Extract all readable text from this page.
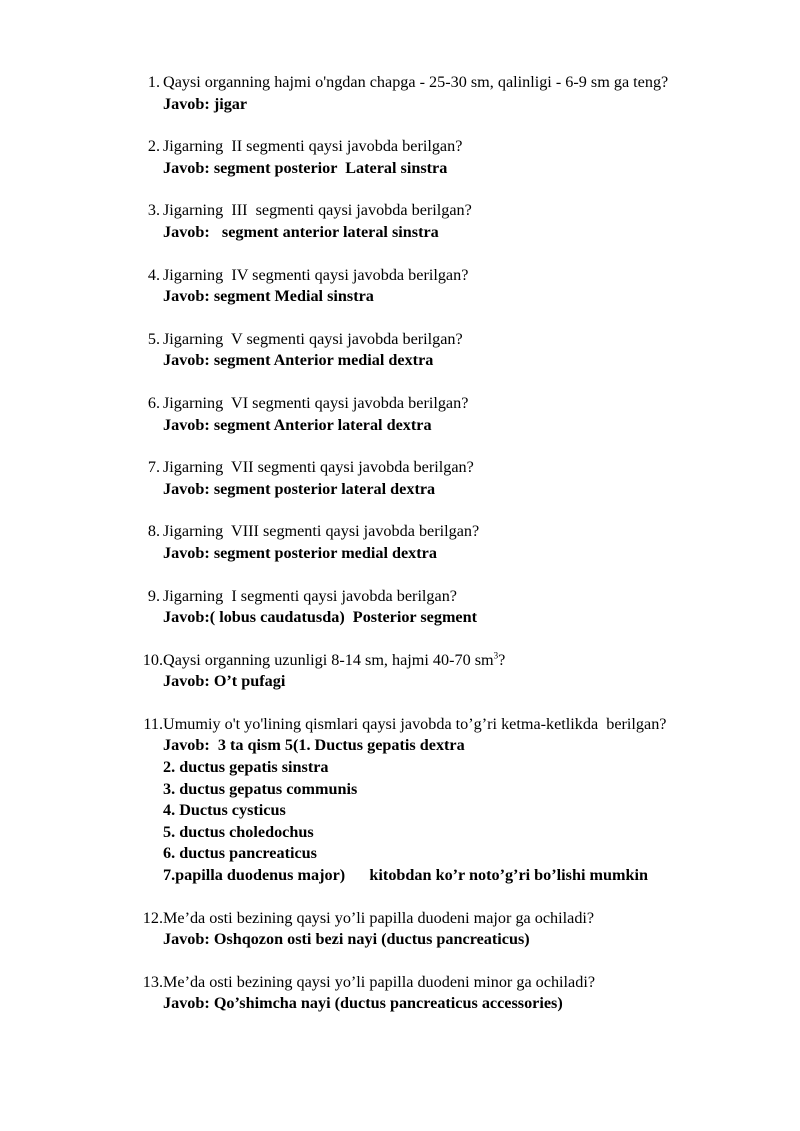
1. Qaysi organning hajmi o'ngdan chapga - 25-30 sm, qalinligi - 6-9 sm ga teng?
Javob: jigar
2. Jigarning  II segmenti qaysi javobda berilgan?
Javob: segment posterior  Lateral sinstra
3. Jigarning  III  segmenti qaysi javobda berilgan?
Javob:   segment anterior lateral sinstra
4. Jigarning  IV segmenti qaysi javobda berilgan?
Javob: segment Medial sinstra
5. Jigarning  V segmenti qaysi javobda berilgan?
Javob: segment Anterior medial dextra
6. Jigarning  VI segmenti qaysi javobda berilgan?
Javob: segment Anterior lateral dextra
7. Jigarning  VII segmenti qaysi javobda berilgan?
Javob: segment posterior lateral dextra
8. Jigarning  VIII segmenti qaysi javobda berilgan?
Javob: segment posterior medial dextra
9. Jigarning  I segmenti qaysi javobda berilgan?
Javob:( lobus caudatusda)  Posterior segment
10. Qaysi organning uzunligi 8-14 sm, hajmi 40-70 $sm^3$?
Javob: O’t pufagi
11. Umumiy o't yo'lining qismlari qaysi javobda to’g’ri ketma-ketlikda  berilgan?
Javob:  3 ta qism 5(1. Ductus gepatis dextra
2. ductus gepatis sinstra
3. ductus gepatus communis
4. Ductus cysticus
5. ductus choledochus
6. ductus pancreaticus
7.papilla duodenus major)      kitobdan ko’r noto’g’ri bo’lishi mumkin
12. Me’da osti bezining qaysi yo’li papilla duodeni major ga ochiladi?
Javob: Oshqozon osti bezi nayi (ductus pancreaticus)
13. Me’da osti bezining qaysi yo’li papilla duodeni minor ga ochiladi?
Javob: Qo’shimcha nayi (ductus pancreaticus accessories)
